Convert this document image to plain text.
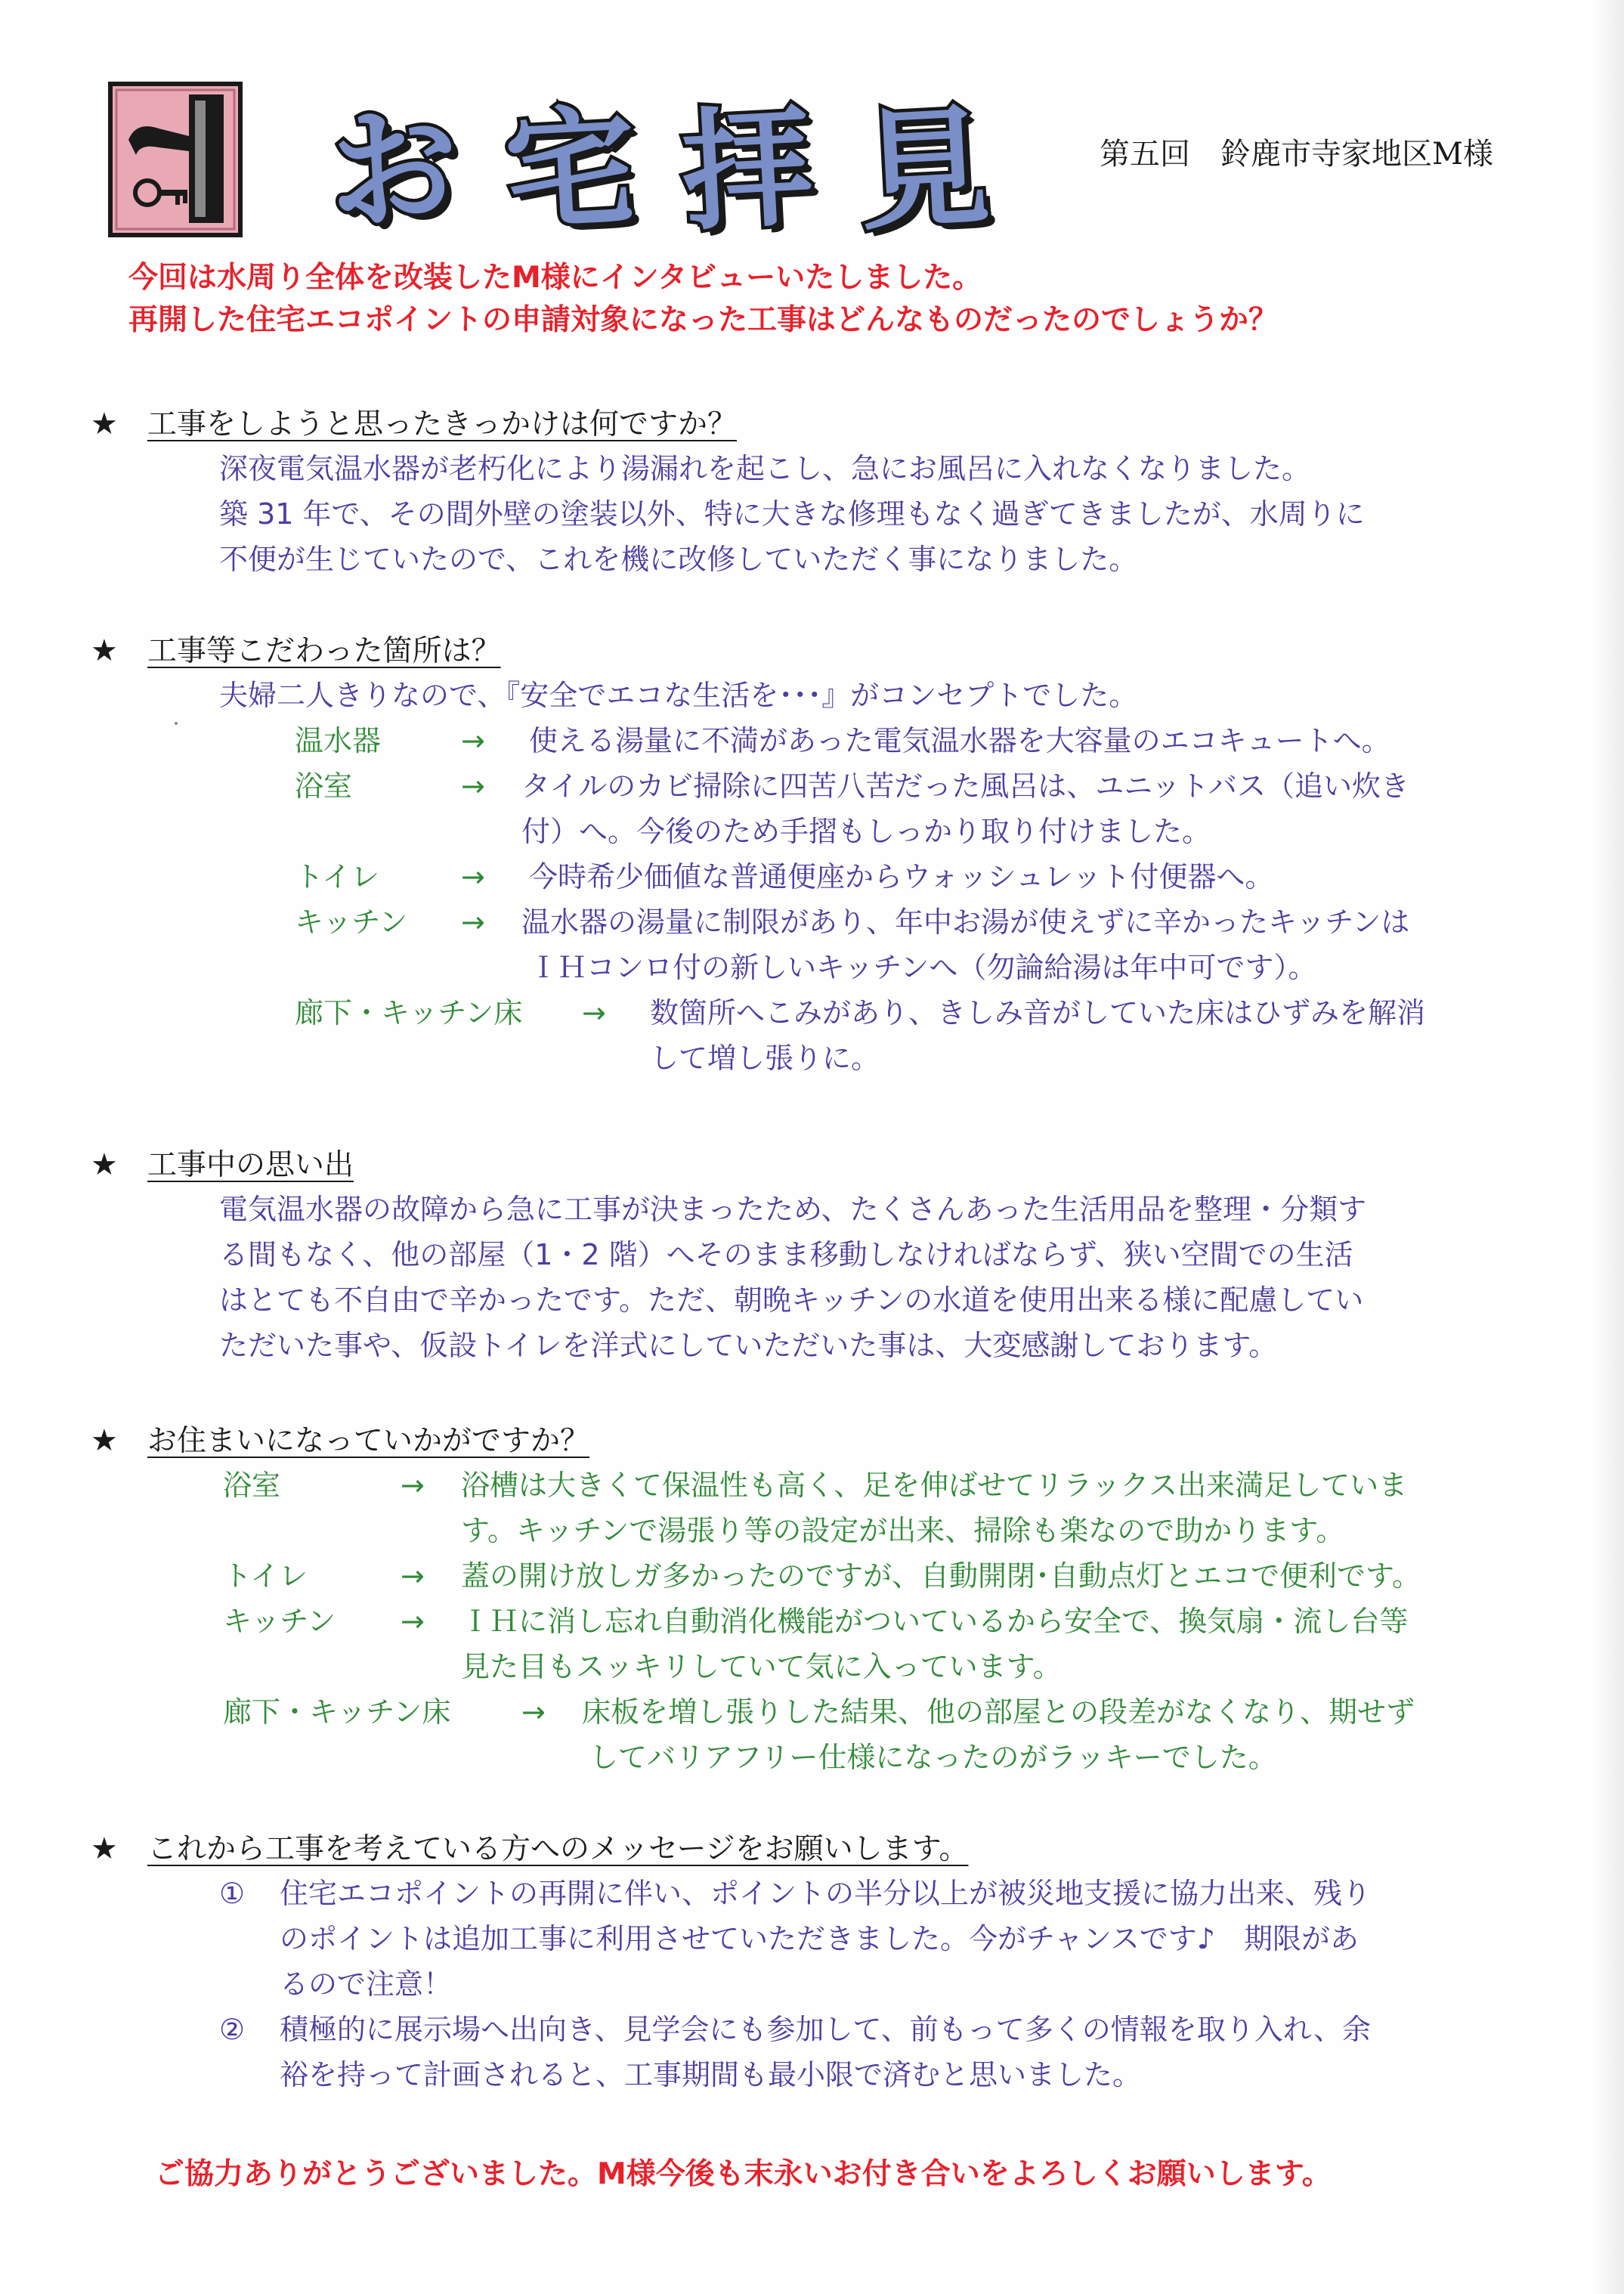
お 宅 拝 見	第五回　鈴鹿市寺家地区M様
今回は水周り全体を改装したM様にインタビューいたしました。
再開した住宅エコポイントの申請対象になった工事はどんなものだったのでしょうか？
★	工事をしようと思ったきっかけは何ですか？
深夜電気温水器が老朽化により湯漏れを起こし、急にお風呂に入れなくなりました。
築 31 年で、その間外壁の塗装以外、特に大きな修理もなく過ぎてきましたが、水周りに
不便が生じていたので、これを機に改修していただく事になりました。
★	工事等こだわった箇所は？
夫婦二人きりなので、『安全でエコな生活を･･･』がコンセプトでした。
温水器	→ 使える湯量に不満があった電気温水器を大容量のエコキュートへ。
浴室	→ タイルのカビ掃除に四苦八苦だった風呂は、ユニットバス（追い炊き
付）へ。今後のため手摺もしっかり取り付けました。
トイレ	→ 今時希少価値な普通便座からウォッシュレット付便器へ。
キッチン → 温水器の湯量に制限があり、年中お湯が使えずに辛かったキッチンは
ＩＨコンロ付の新しいキッチンへ（勿論給湯は年中可です）。
廊下・キッチン床 → 数箇所へこみがあり、きしみ音がしていた床はひずみを解消
して増し張りに。
★	工事中の思い出
電気温水器の故障から急に工事が決まったため、たくさんあった生活用品を整理・分類す
る間もなく、他の部屋（1・2 階）へそのまま移動しなければならず、狭い空間での生活
はとても不自由で辛かったです。ただ、朝晩キッチンの水道を使用出来る様に配慮してい
ただいた事や、仮設トイレを洋式にしていただいた事は、大変感謝しております。
★	お住まいになっていかがですか？
浴室	→ 浴槽は大きくて保温性も高く、足を伸ばせてリラックス出来満足していま
す。キッチンで湯張り等の設定が出来、掃除も楽なので助かります。
トイレ	→ 蓋の開け放しガ多かったのですが、自動開閉･自動点灯とエコで便利です。
キッチン → ＩＨに消し忘れ自動消化機能がついているから安全で、換気扇・流し台等
見た目もスッキリしていて気に入っています。
廊下・キッチン床 → 床板を増し張りした結果、他の部屋との段差がなくなり、期せず
してバリアフリー仕様になったのがラッキーでした。
★	これから工事を考えている方へのメッセージをお願いします。
① 住宅エコポイントの再開に伴い、ポイントの半分以上が被災地支援に協力出来、残り
のポイントは追加工事に利用させていただきました。今がチャンスです♪　期限があ
るので注意！
② 積極的に展示場へ出向き、見学会にも参加して、前もって多くの情報を取り入れ、余
裕を持って計画されると、工事期間も最小限で済むと思いました。
ご協力ありがとうございました。M様今後も末永いお付き合いをよろしくお願いします。
